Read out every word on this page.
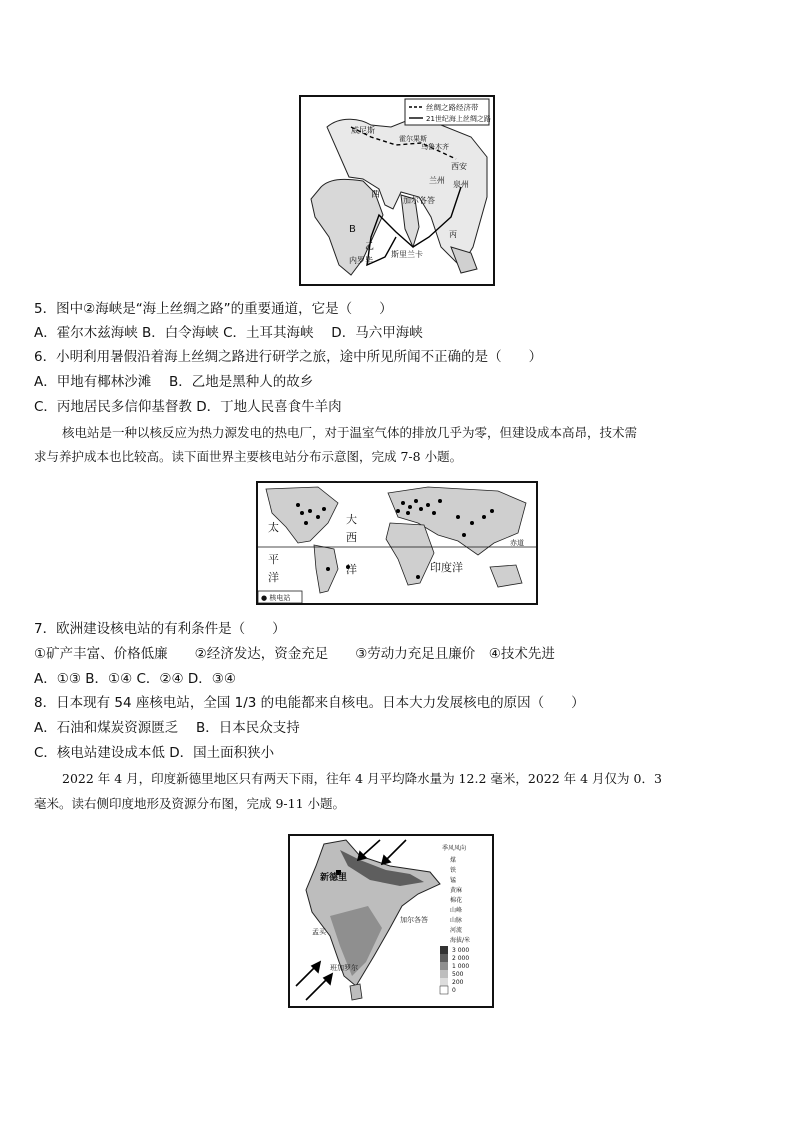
丝绸之路经济带
21世纪海上丝绸之路
威尼斯
霍尔果斯
乌鲁木齐
西安
兰州 泉州
西
加尔各答
B
乙
内罗毕
斯里兰卡
丙
5．图中②海峡是“海上丝绸之路”的重要通道，它是（　　）
A．霍尔木兹海峡 B．白令海峡 C．土耳其海峡　 D．马六甲海峡
6．小明利用暑假沿着海上丝绸之路进行研学之旅，途中所见所闻不正确的是（　　）
A．甲地有椰林沙滩　 B．乙地是黑种人的故乡
C．丙地居民多信仰基督教 D．丁地人民喜食牛羊肉
核电站是一种以核反应为热力源发电的热电厂，对于温室气体的排放几乎为零，但建设成本高昂，技术需
求与养护成本也比较高。读下面世界主要核电站分布示意图，完成 7-8 小题。
太
大
西
平
洋
洋	印度洋
赤道
● 核电站
7．欧洲建设核电站的有利条件是（　　）
①矿产丰富、价格低廉　　②经济发达，资金充足　　③劳动力充足且廉价　④技术先进
A．①③ B．①④ C．②④ D．③④
8．日本现有 54 座核电站，全国 1/3 的电能都来自核电。日本大力发展核电的原因（　　）
A．石油和煤炭资源匮乏　 B．日本民众支持
C．核电站建设成本低 D．国土面积狭小
2022 年 4 月，印度新德里地区只有两天下雨，往年 4 月平均降水量为 12.2 毫米，2022 年 4 月仅为 0．3
毫米。读右侧印度地形及资源分布图，完成 9-11 小题。
新德里
孟买
班加罗尔
加尔各答
季风风向
煤
铁
锰
黄麻
棉花
山峰
山脉
河流
海拔/米
3 000
2 000
1 000
500
200
0
